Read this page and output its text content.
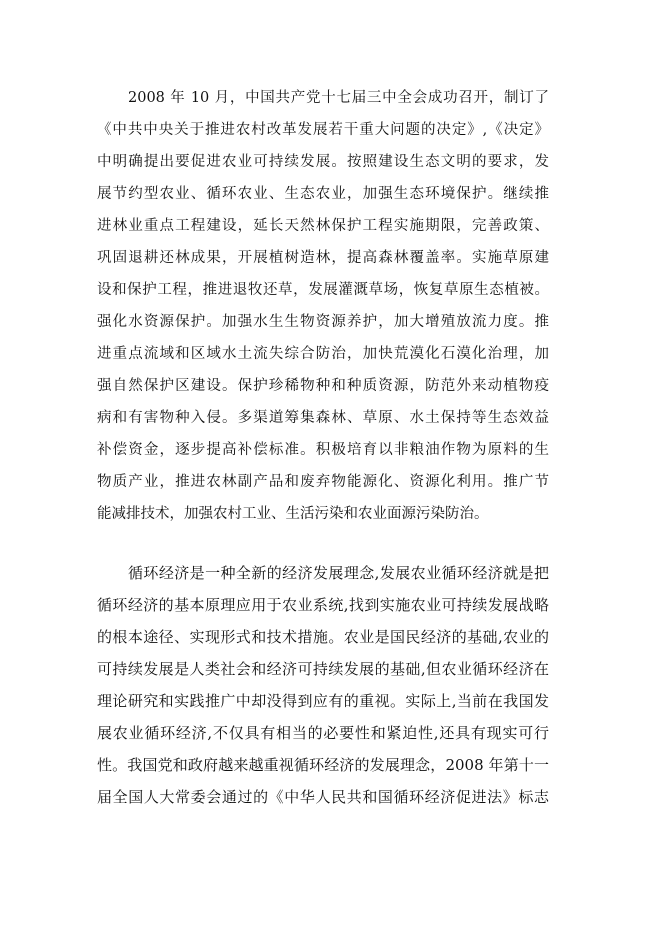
2008 年 10 月，中国共产党十七届三中全会成功召开，制订了
《中共中央关于推进农村改革发展若干重大问题的决定》,《决定》
中明确提出要促进农业可持续发展。按照建设生态文明的要求，发
展节约型农业、循环农业、生态农业，加强生态环境保护。继续推
进林业重点工程建设，延长天然林保护工程实施期限，完善政策、
巩固退耕还林成果，开展植树造林，提高森林覆盖率。实施草原建
设和保护工程，推进退牧还草，发展灌溉草场，恢复草原生态植被。
强化水资源保护。加强水生生物资源养护，加大增殖放流力度。推
进重点流域和区域水土流失综合防治，加快荒漠化石漠化治理，加
强自然保护区建设。保护珍稀物种和种质资源，防范外来动植物疫
病和有害物种入侵。多渠道筹集森林、草原、水土保持等生态效益
补偿资金，逐步提高补偿标准。积极培育以非粮油作物为原料的生
物质产业，推进农林副产品和废弃物能源化、资源化利用。推广节
能减排技术，加强农村工业、生活污染和农业面源污染防治。
循环经济是一种全新的经济发展理念,发展农业循环经济就是把
循环经济的基本原理应用于农业系统,找到实施农业可持续发展战略
的根本途径、实现形式和技术措施。农业是国民经济的基础,农业的
可持续发展是人类社会和经济可持续发展的基础,但农业循环经济在
理论研究和实践推广中却没得到应有的重视。实际上,当前在我国发
展农业循环经济,不仅具有相当的必要性和紧迫性,还具有现实可行
性。我国党和政府越来越重视循环经济的发展理念，2008 年第十一
届全国人大常委会通过的《中华人民共和国循环经济促进法》标志
